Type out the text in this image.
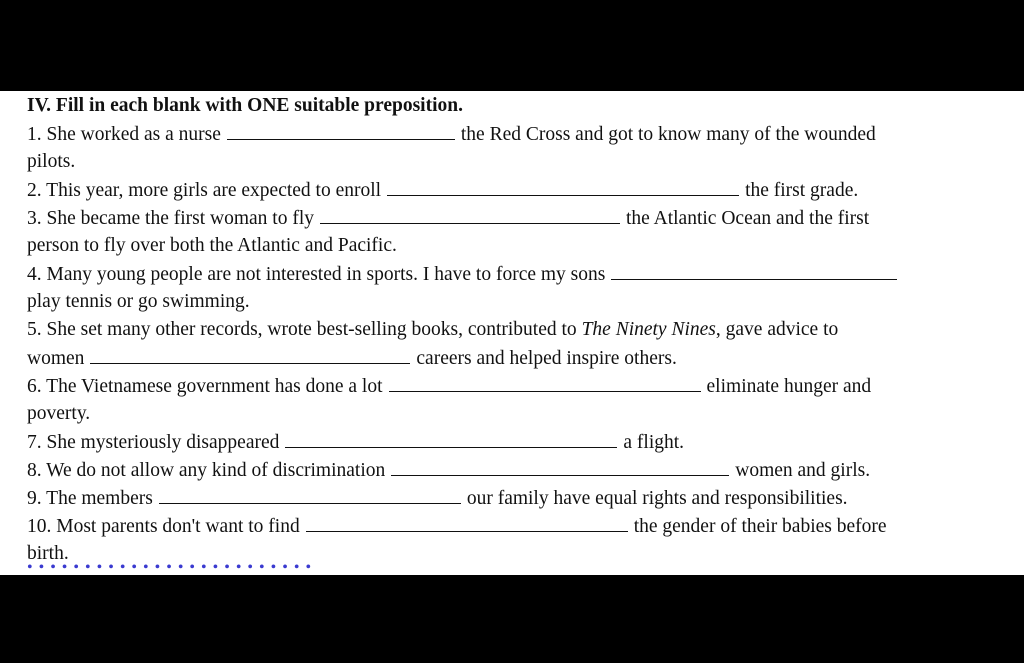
IV. Fill in each blank with ONE suitable preposition.
1. She worked as a nurse	the Red Cross and got to know many of the wounded
pilots.
2. This year, more girls are expected to enroll	the first grade.
3. She became the first woman to fly	the Atlantic Ocean and the first
person to fly over both the Atlantic and Pacific.
4. Many young people are not interested in sports. I have to force my sons
play tennis or go swimming.
5. She set many other records, wrote best-selling books, contributed to The Ninety Nines, gave advice to
women	careers and helped inspire others.
6. The Vietnamese government has done a lot	eliminate hunger and
poverty.
7. She mysteriously disappeared	a flight.
8. We do not allow any kind of discrimination	women and girls.
9. The members	our family have equal rights and responsibilities.
10. Most parents don't want to find	the gender of their babies before
birth.
•••••••••••••••••••••••••
